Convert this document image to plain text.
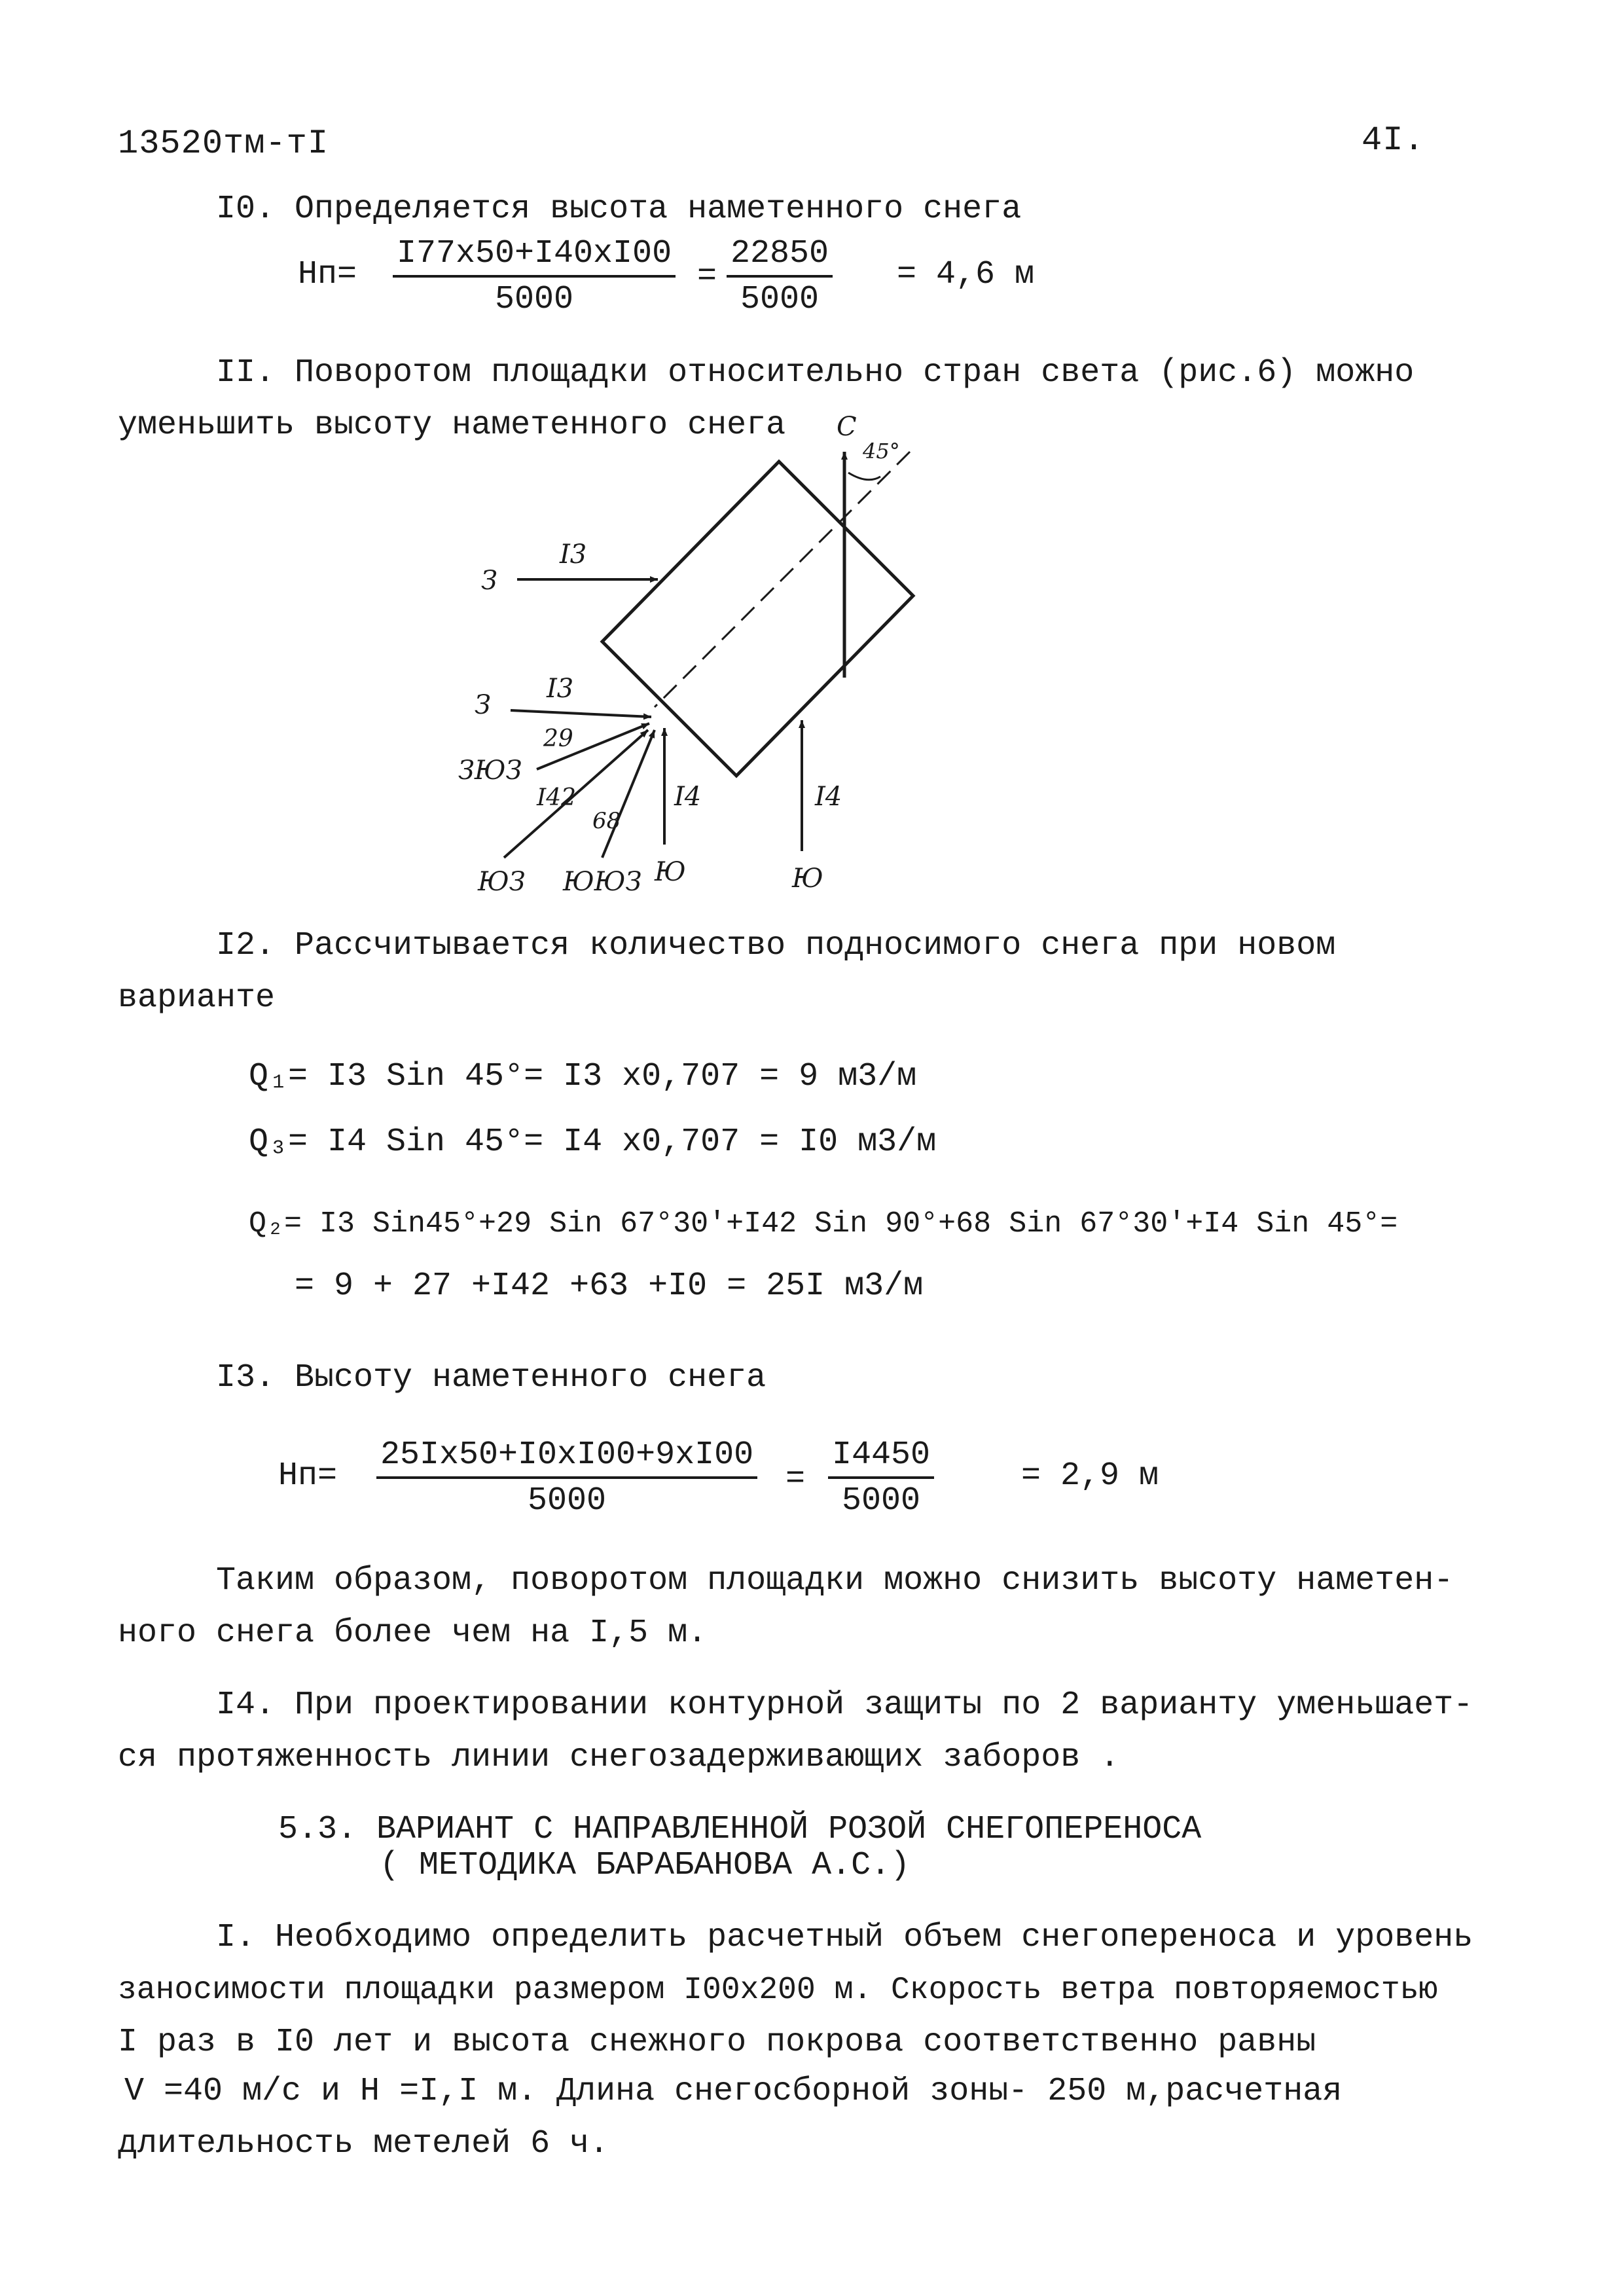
13520тм-тI	4I.
I0. Определяется высота наметенного снега
Нп=
I77х50+I40хI00
5000
= $\frac{22850}{5000} = 4,6$ м
II. Поворотом площадки относительно стран света (рис.6) можно
уменьшить высоту наметенного снега С
45°
З
I3
З
I3
ЗЮЗ
29
ЮЗ
I42
ЮЮЗ
68
Ю
I4
Ю
I4
I2. Рассчитывается количество подносимого снега при новом
варианте
Q₁= I3 Sin 45°= I3 х0,707 = 9 м3/м
Q₃= I4 Sin 45°= I4 х0,707 = I0 м3/м
Q₂= I3 Sin45°+29 Sin 67°30'+I42 Sin 90°+68 Sin 67°30'+I4 Sin 45°=
= 9 + 27 +I42 +63 +I0 = 25I м3/м
I3. Высоту наметенного снега
Нп=
25Iх50+I0хI00+9хI00
5000
= $\frac{I4450}{5000}$	= 2,9 м
Таким образом, поворотом площадки можно снизить высоту наметен-
ного снега более чем на I,5 м.
I4. При проектировании контурной защиты по 2 варианту уменьшает-
ся протяженность линии снегозадерживающих заборов .
5.3. ВАРИАНТ С НАПРАВЛЕННОЙ РОЗОЙ СНЕГОПЕРЕНОСА
( МЕТОДИКА БАРАБАНОВА А.С.)
I. Необходимо определить расчетный объем снегопереноса и уровень
заносимости площадки размером I00х200 м. Скорость ветра повторяемостью
I раз в I0 лет и высота снежного покрова соответственно равны
V =40 м/с и H =I,I м. Длина снегосборной зоны- 250 м,расчетная
длительность метелей 6 ч.
